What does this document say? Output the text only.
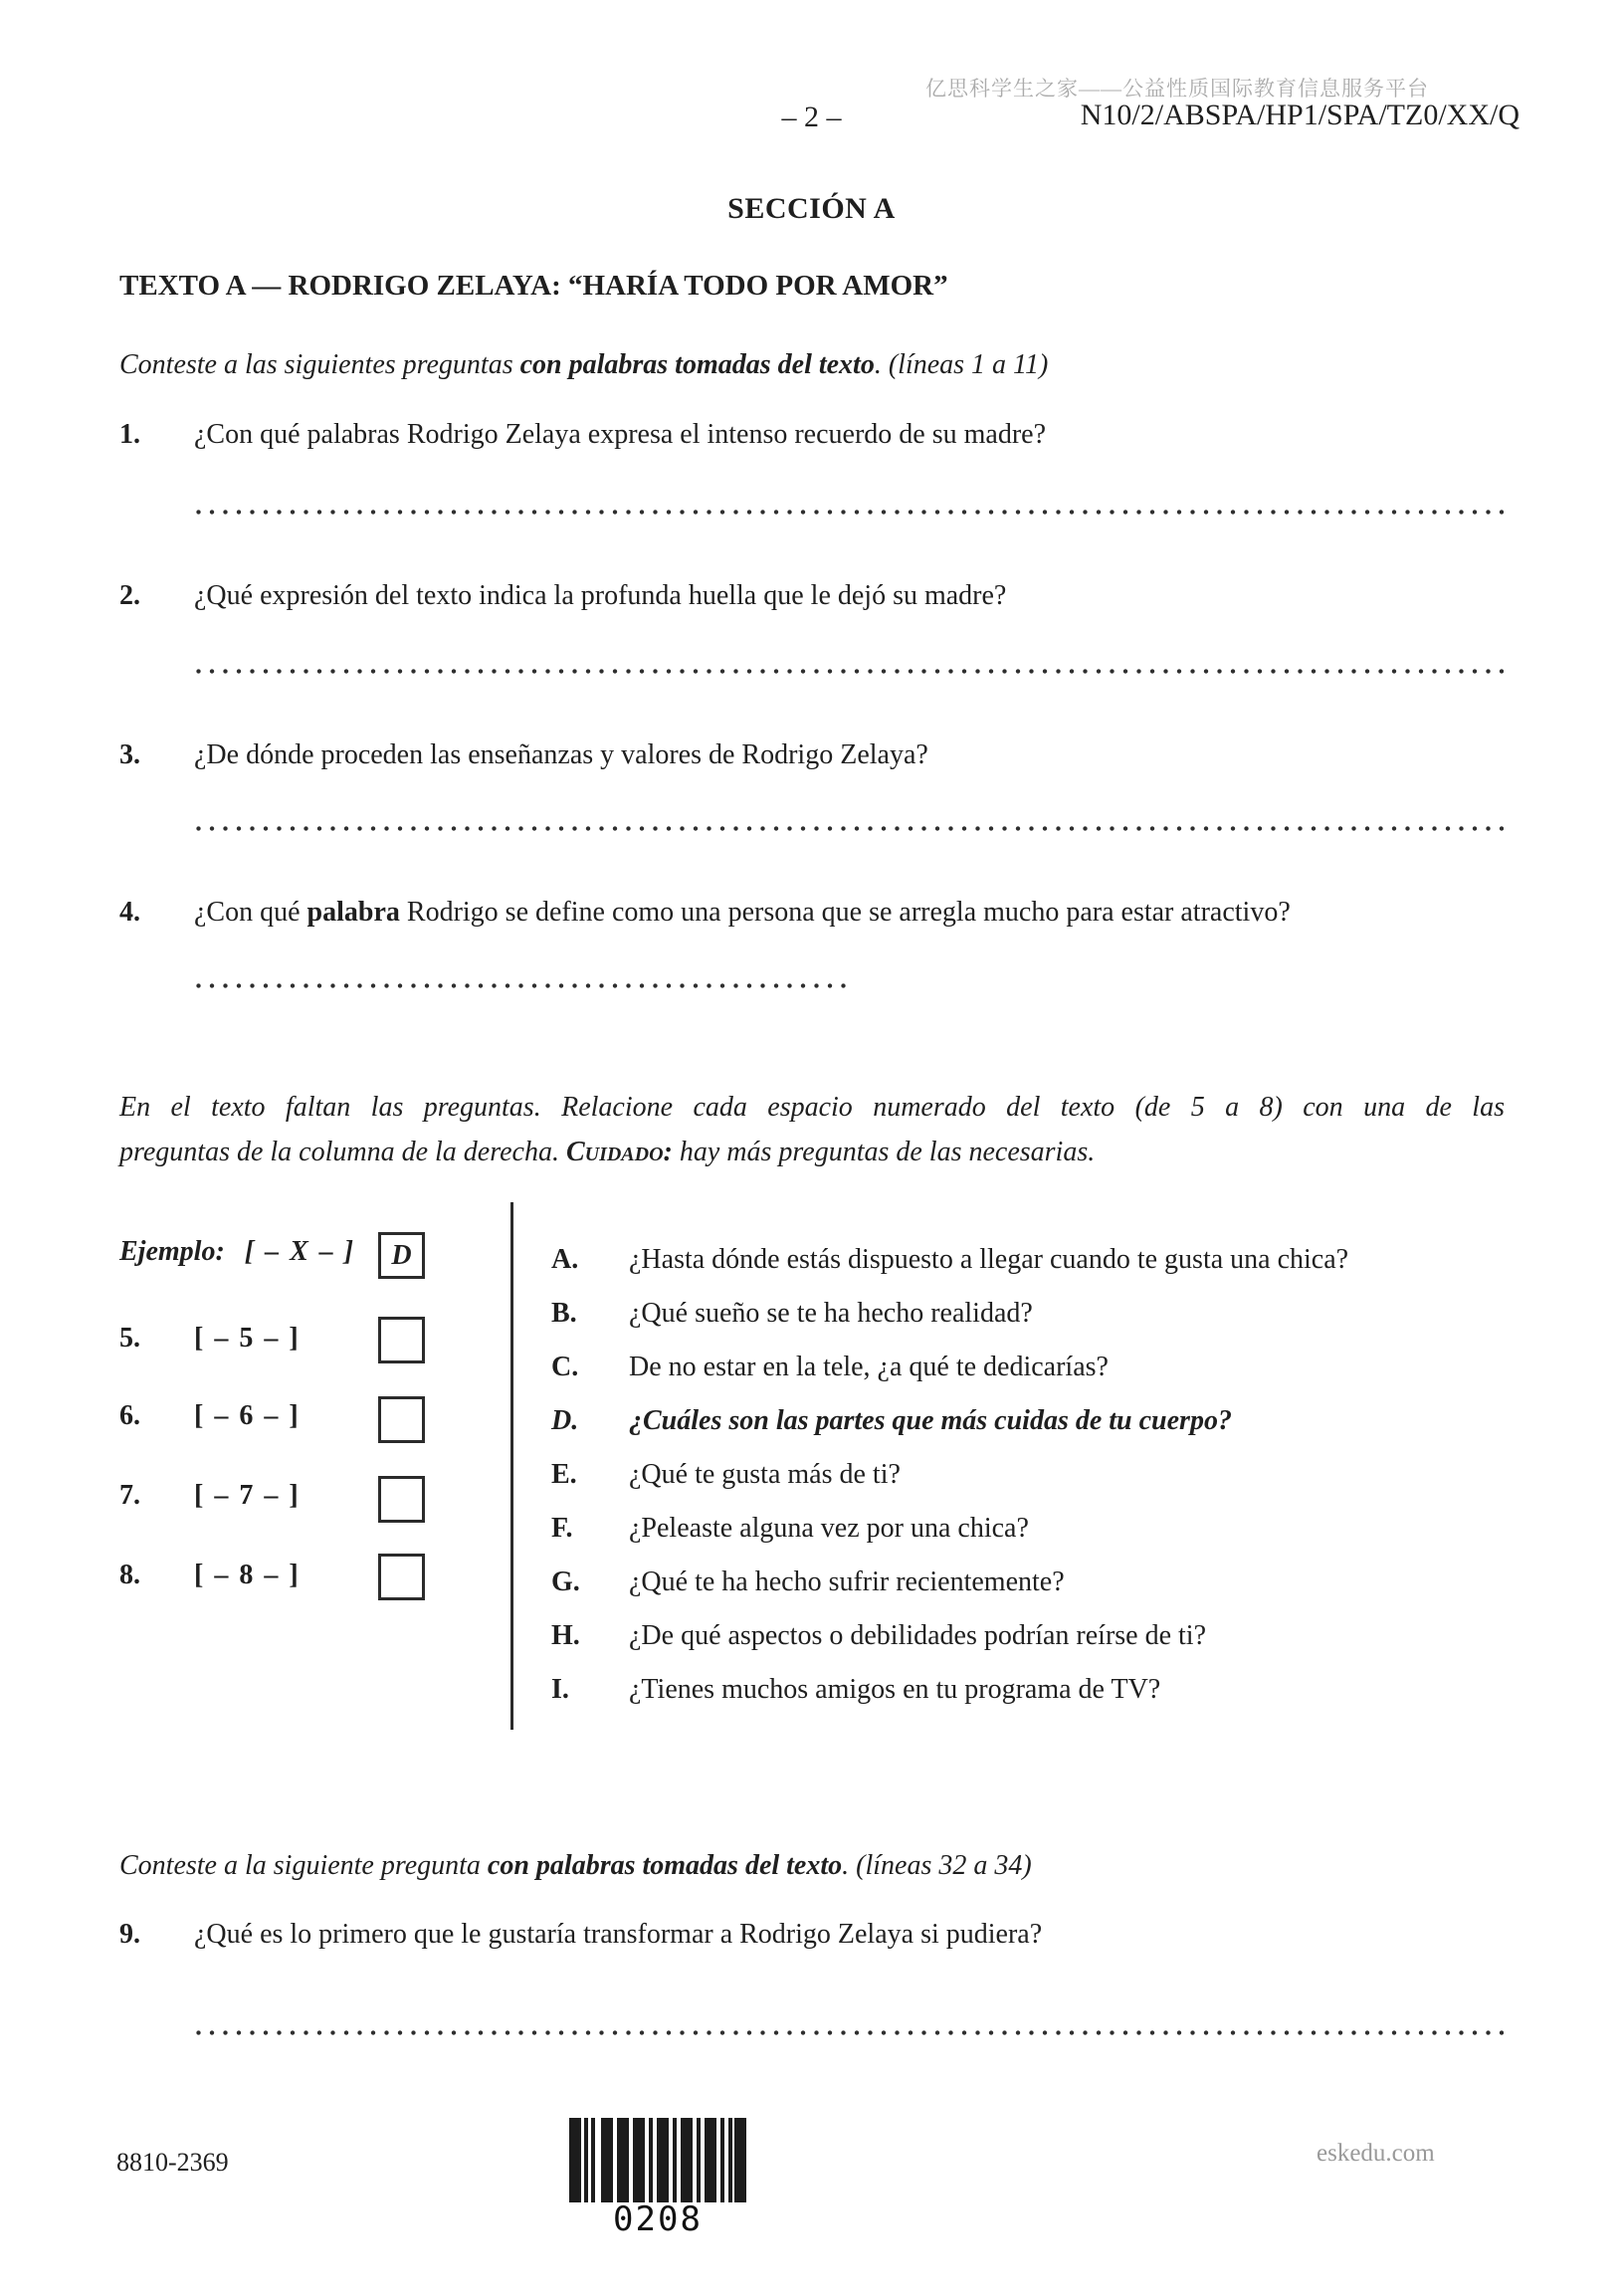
亿思科学生之家——公益性质国际教育信息服务平台
– 2 –	N10/2/ABSPA/HP1/SPA/TZ0/XX/Q
SECCIÓN A
TEXTO A — RODRIGO ZELAYA: “HARÍA TODO POR AMOR”
Conteste a las siguientes preguntas con palabras tomadas del texto. (líneas 1 a 11)
1. ¿Con qué palabras Rodrigo Zelaya expresa el intenso recuerdo de su madre?
2. ¿Qué expresión del texto indica la profunda huella que le dejó su madre?
3. ¿De dónde proceden las enseñanzas y valores de Rodrigo Zelaya?
4. ¿Con qué palabra Rodrigo se define como una persona que se arregla mucho para estar atractivo?
En el texto faltan las preguntas. Relacione cada espacio numerado del texto (de 5 a 8) con una de las
preguntas de la columna de la derecha. Cuidado: hay más preguntas de las necesarias.
Ejemplo: [ – X – ]	D
5. [ – 5 – ]
6. [ – 6 – ]
7. [ – 7 – ]
8. [ – 8 – ]
A. ¿Hasta dónde estás dispuesto a llegar cuando te gusta una chica?
B. ¿Qué sueño se te ha hecho realidad?
C. De no estar en la tele, ¿a qué te dedicarías?
D. ¿Cuáles son las partes que más cuidas de tu cuerpo?
E. ¿Qué te gusta más de ti?
F. ¿Peleaste alguna vez por una chica?
G. ¿Qué te ha hecho sufrir recientemente?
H. ¿De qué aspectos o debilidades podrían reírse de ti?
I. ¿Tienes muchos amigos en tu programa de TV?
Conteste a la siguiente pregunta con palabras tomadas del texto. (líneas 32 a 34)
9. ¿Qué es lo primero que le gustaría transformar a Rodrigo Zelaya si pudiera?
8810-2369
0208
eskedu.com
